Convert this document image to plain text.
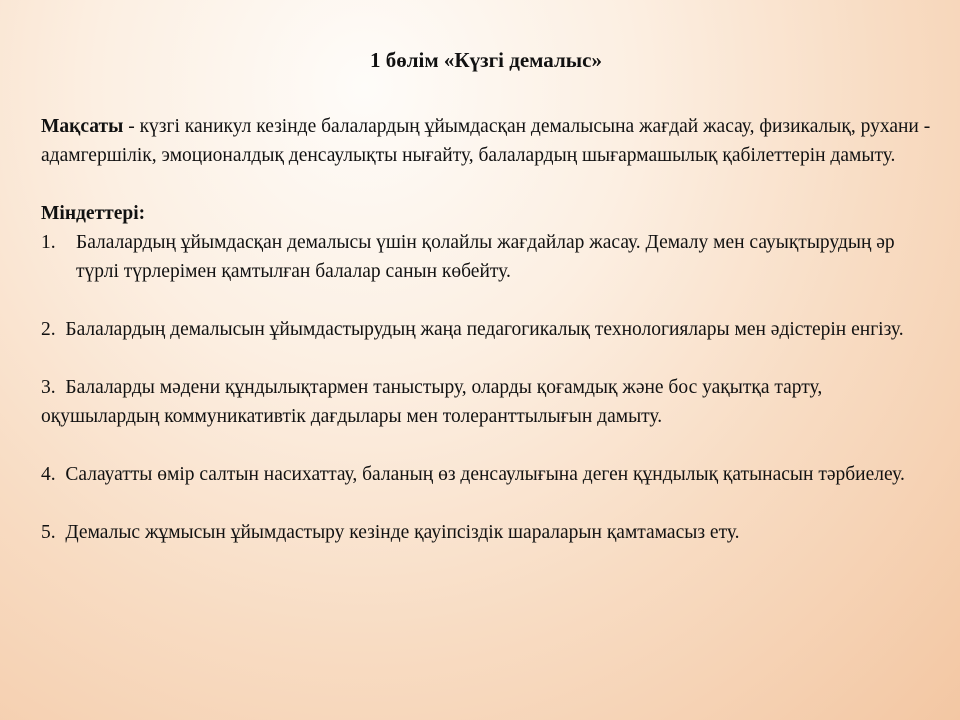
1 бөлім «Күзгі демалыс»

Мақсаты - күзгі каникул кезінде балалардың ұйымдасқан демалысына жағдай жасау, физикалық, рухани - адамгершілік, эмоционалдық денсаулықты нығайту, балалардың шығармашылық қабілеттерін дамыту.

Міндеттері:

1.	Балалардың ұйымдасқан демалысы үшін қолайлы жағдайлар жасау. Демалу мен сауықтырудың әр түрлі түрлерімен қамтылған балалар санын көбейту.

2. Балалардың демалысын ұйымдастырудың жаңа педагогикалық технологиялары мен әдістерін енгізу.

3. Балаларды мәдени құндылықтармен таныстыру, оларды қоғамдық және бос уақытқа тарту, оқушылардың коммуникативтік дағдылары мен толеранттылығын дамыту.

4. Салауатты өмір салтын насихаттау, баланың өз денсаулығына деген құндылық қатынасын тәрбиелеу.

5. Демалыс жұмысын ұйымдастыру кезінде қауіпсіздік шараларын қамтамасыз ету.
